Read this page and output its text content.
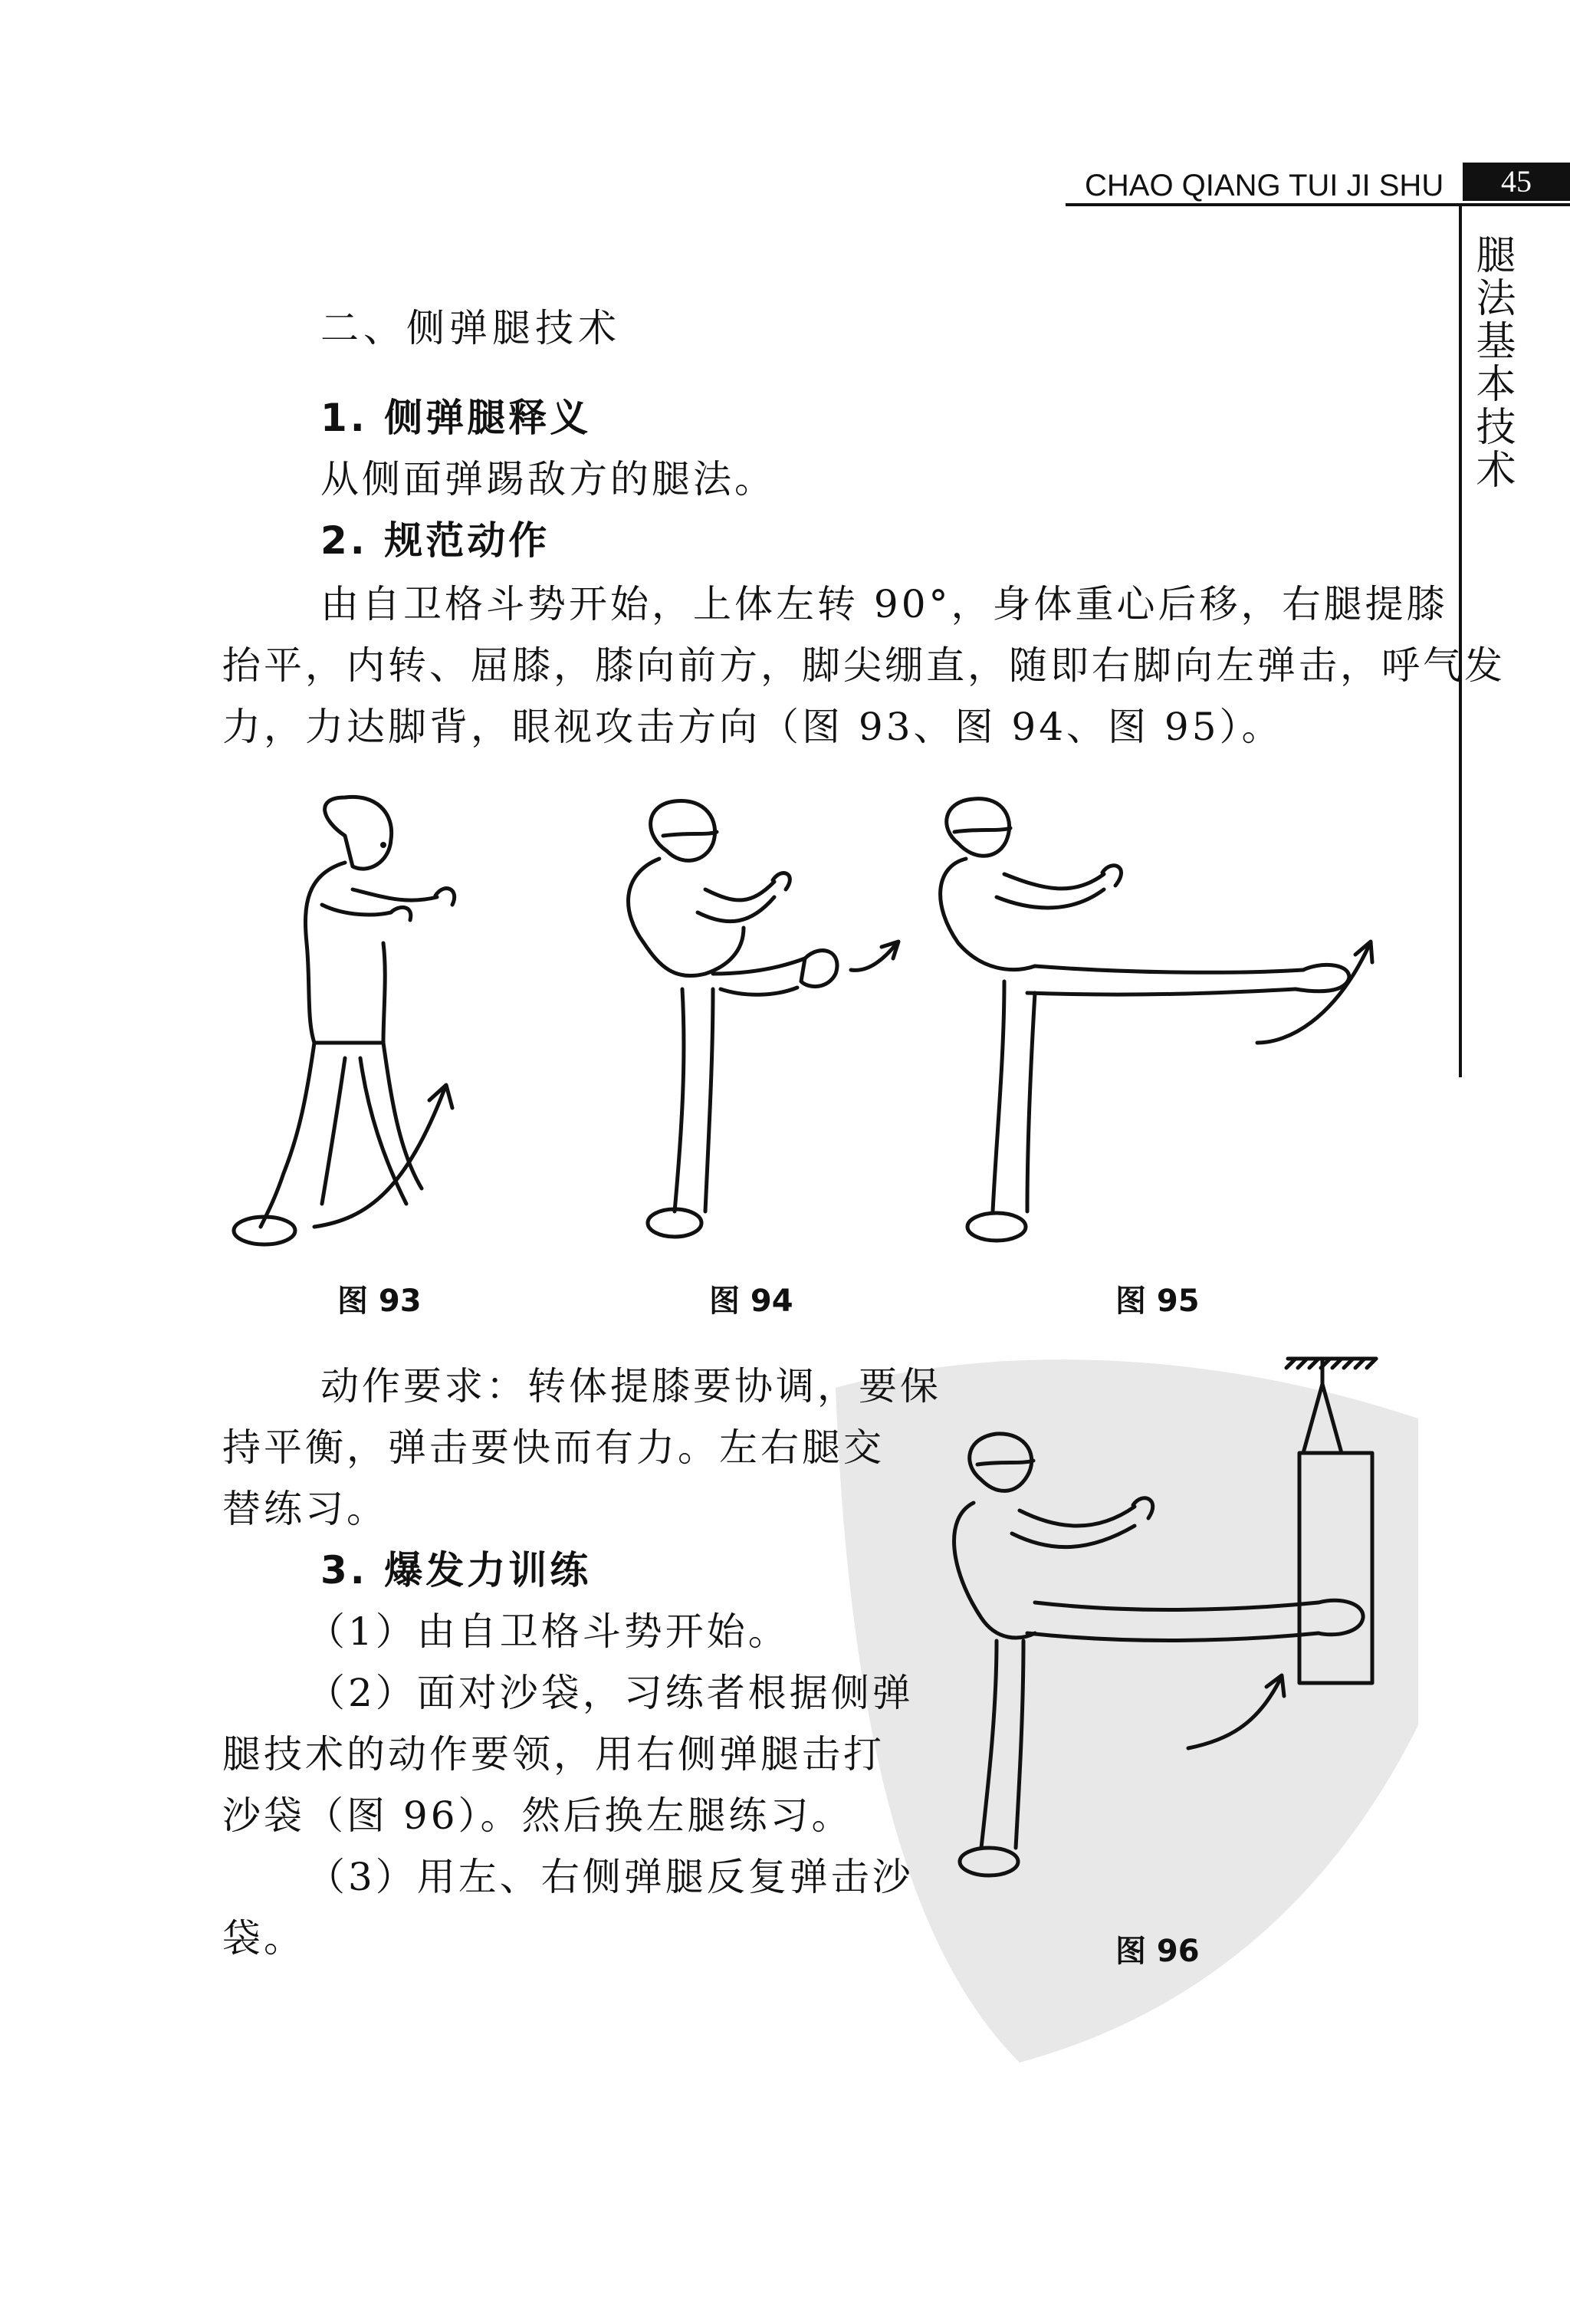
CHAO QIANG TUI JI SHU	45
腿法基本技术
二、侧弹腿技术
1. 侧弹腿释义
从侧面弹踢敌方的腿法。
2. 规范动作
由自卫格斗势开始，上体左转 90°，身体重心后移，右腿提膝
抬平，内转、屈膝，膝向前方，脚尖绷直，随即右脚向左弹击，呼气发
力，力达脚背，眼视攻击方向（图 93、图 94、图 95）。
图 93	图 94	图 95
动作要求：转体提膝要协调，要保
持平衡，弹击要快而有力。左右腿交
替练习。
3. 爆发力训练
（1）由自卫格斗势开始。
（2）面对沙袋，习练者根据侧弹
腿技术的动作要领，用右侧弹腿击打
沙袋（图 96）。然后换左腿练习。
（3）用左、右侧弹腿反复弹击沙
袋。	图 96
